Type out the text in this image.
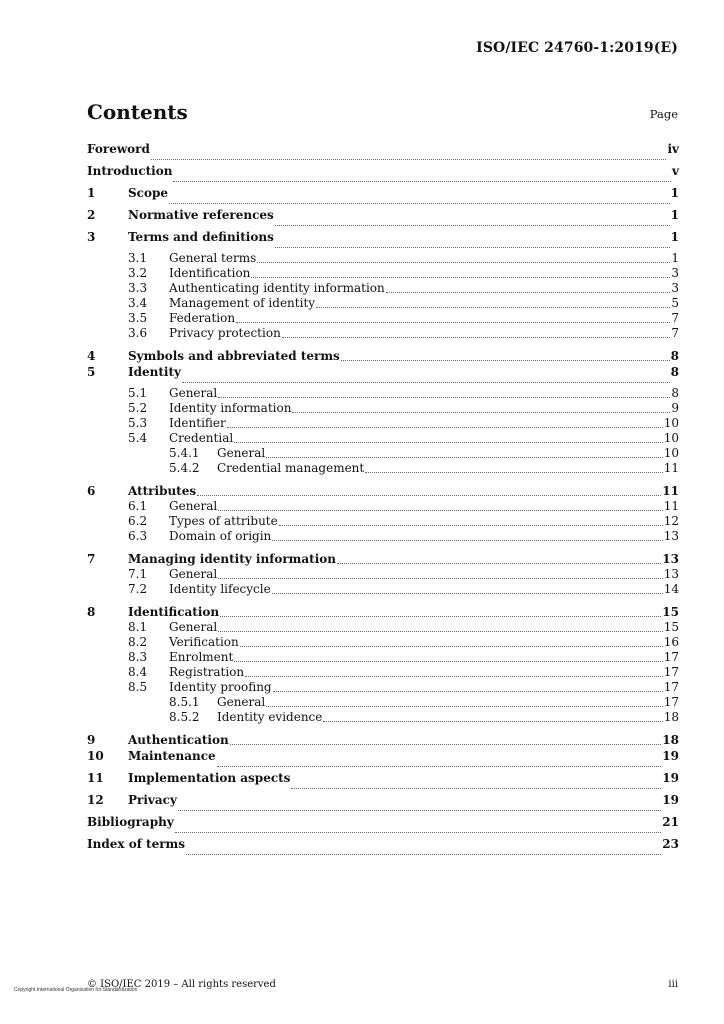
ISO/IEC 24760-1:2019(E)
Contents	Page
Foreword	iv
Introduction	v
1	Scope	1
2	Normative references	1
3	Terms and definitions	1
3.1	General terms	1
3.2	Identification	3
3.3	Authenticating identity information	3
3.4	Management of identity	5
3.5	Federation	7
3.6	Privacy protection	7
4	Symbols and abbreviated terms	8
5	Identity	8
5.1	General	8
5.2	Identity information	9
5.3	Identifier	10
5.4	Credential	10
5.4.1	General	10
5.4.2	Credential management	11
6	Attributes	11
6.1	General	11
6.2	Types of attribute	12
6.3	Domain of origin	13
7	Managing identity information	13
7.1	General	13
7.2	Identity lifecycle	14
8	Identification	15
8.1	General	15
8.2	Verification	16
8.3	Enrolment	17
8.4	Registration	17
8.5	Identity proofing	17
8.5.1	General	17
8.5.2	Identity evidence	18
9	Authentication	18
10	Maintenance	19
11	Implementation aspects	19
12	Privacy	19
Bibliography	21
Index of terms	23
© ISO/IEC 2019 – All rights reserved	iii
Copyright International Organization for Standardization
